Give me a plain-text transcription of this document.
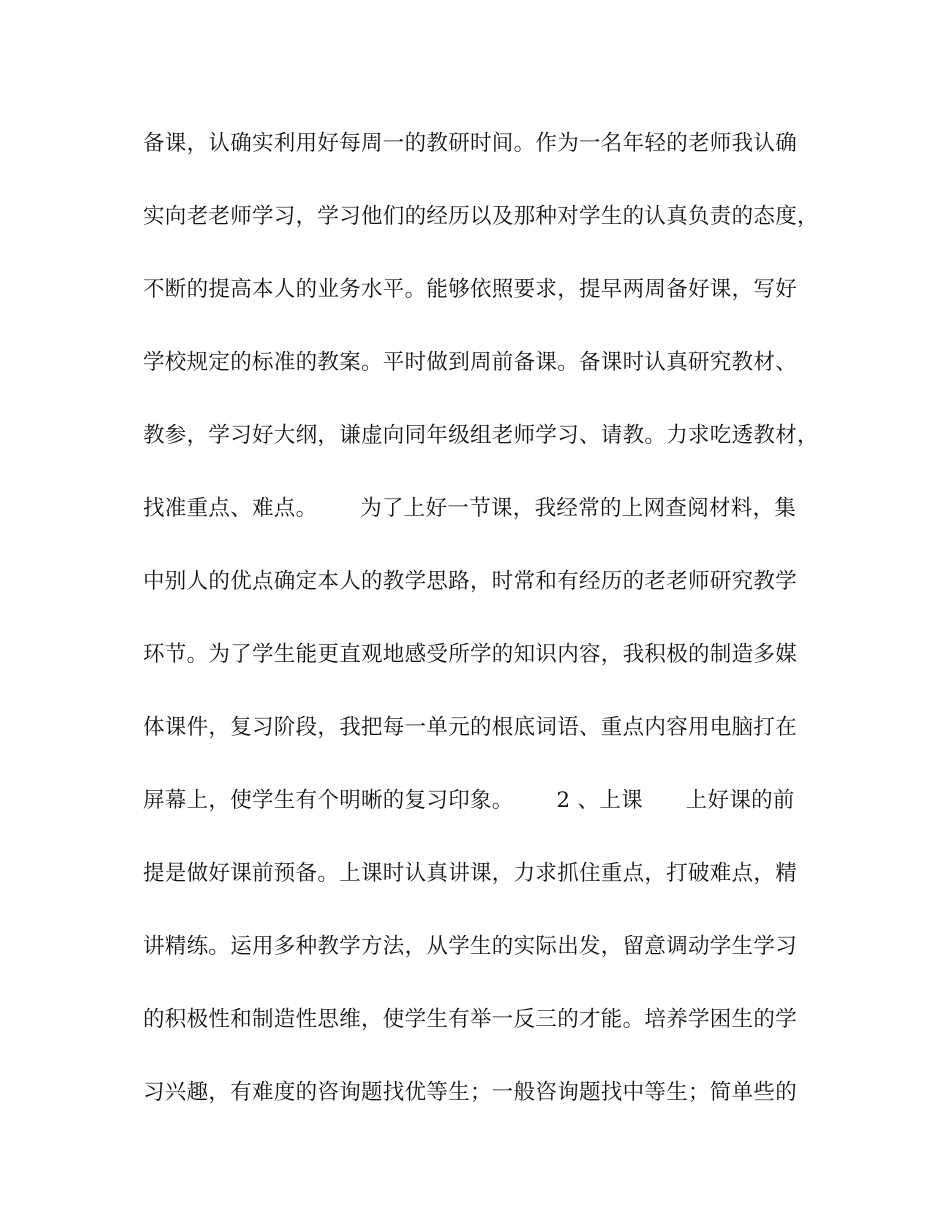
备课，认确实利用好每周一的教研时间。作为一名年轻的老师我认确
实向老老师学习，学习他们的经历以及那种对学生的认真负责的态度，
不断的提高本人的业务水平。能够依照要求，提早两周备好课，写好
学校规定的标准的教案。平时做到周前备课。备课时认真研究教材、
教参，学习好大纲，谦虚向同年级组老师学习、请教。力求吃透教材，
找准重点、难点。      为了上好一节课，我经常的上网查阅材料，集
中别人的优点确定本人的教学思路，时常和有经历的老老师研究教学
环节。为了学生能更直观地感受所学的知识内容，我积极的制造多媒
体课件，复习阶段，我把每一单元的根底词语、重点内容用电脑打在
屏幕上，使学生有个明晰的复习印象。      2 、上课      上好课的前
提是做好课前预备。上课时认真讲课，力求抓住重点，打破难点，精
讲精练。运用多种教学方法，从学生的实际出发，留意调动学生学习
的积极性和制造性思维，使学生有举一反三的才能。培养学困生的学
习兴趣，有难度的咨询题找优等生；一般咨询题找中等生；简单些的
